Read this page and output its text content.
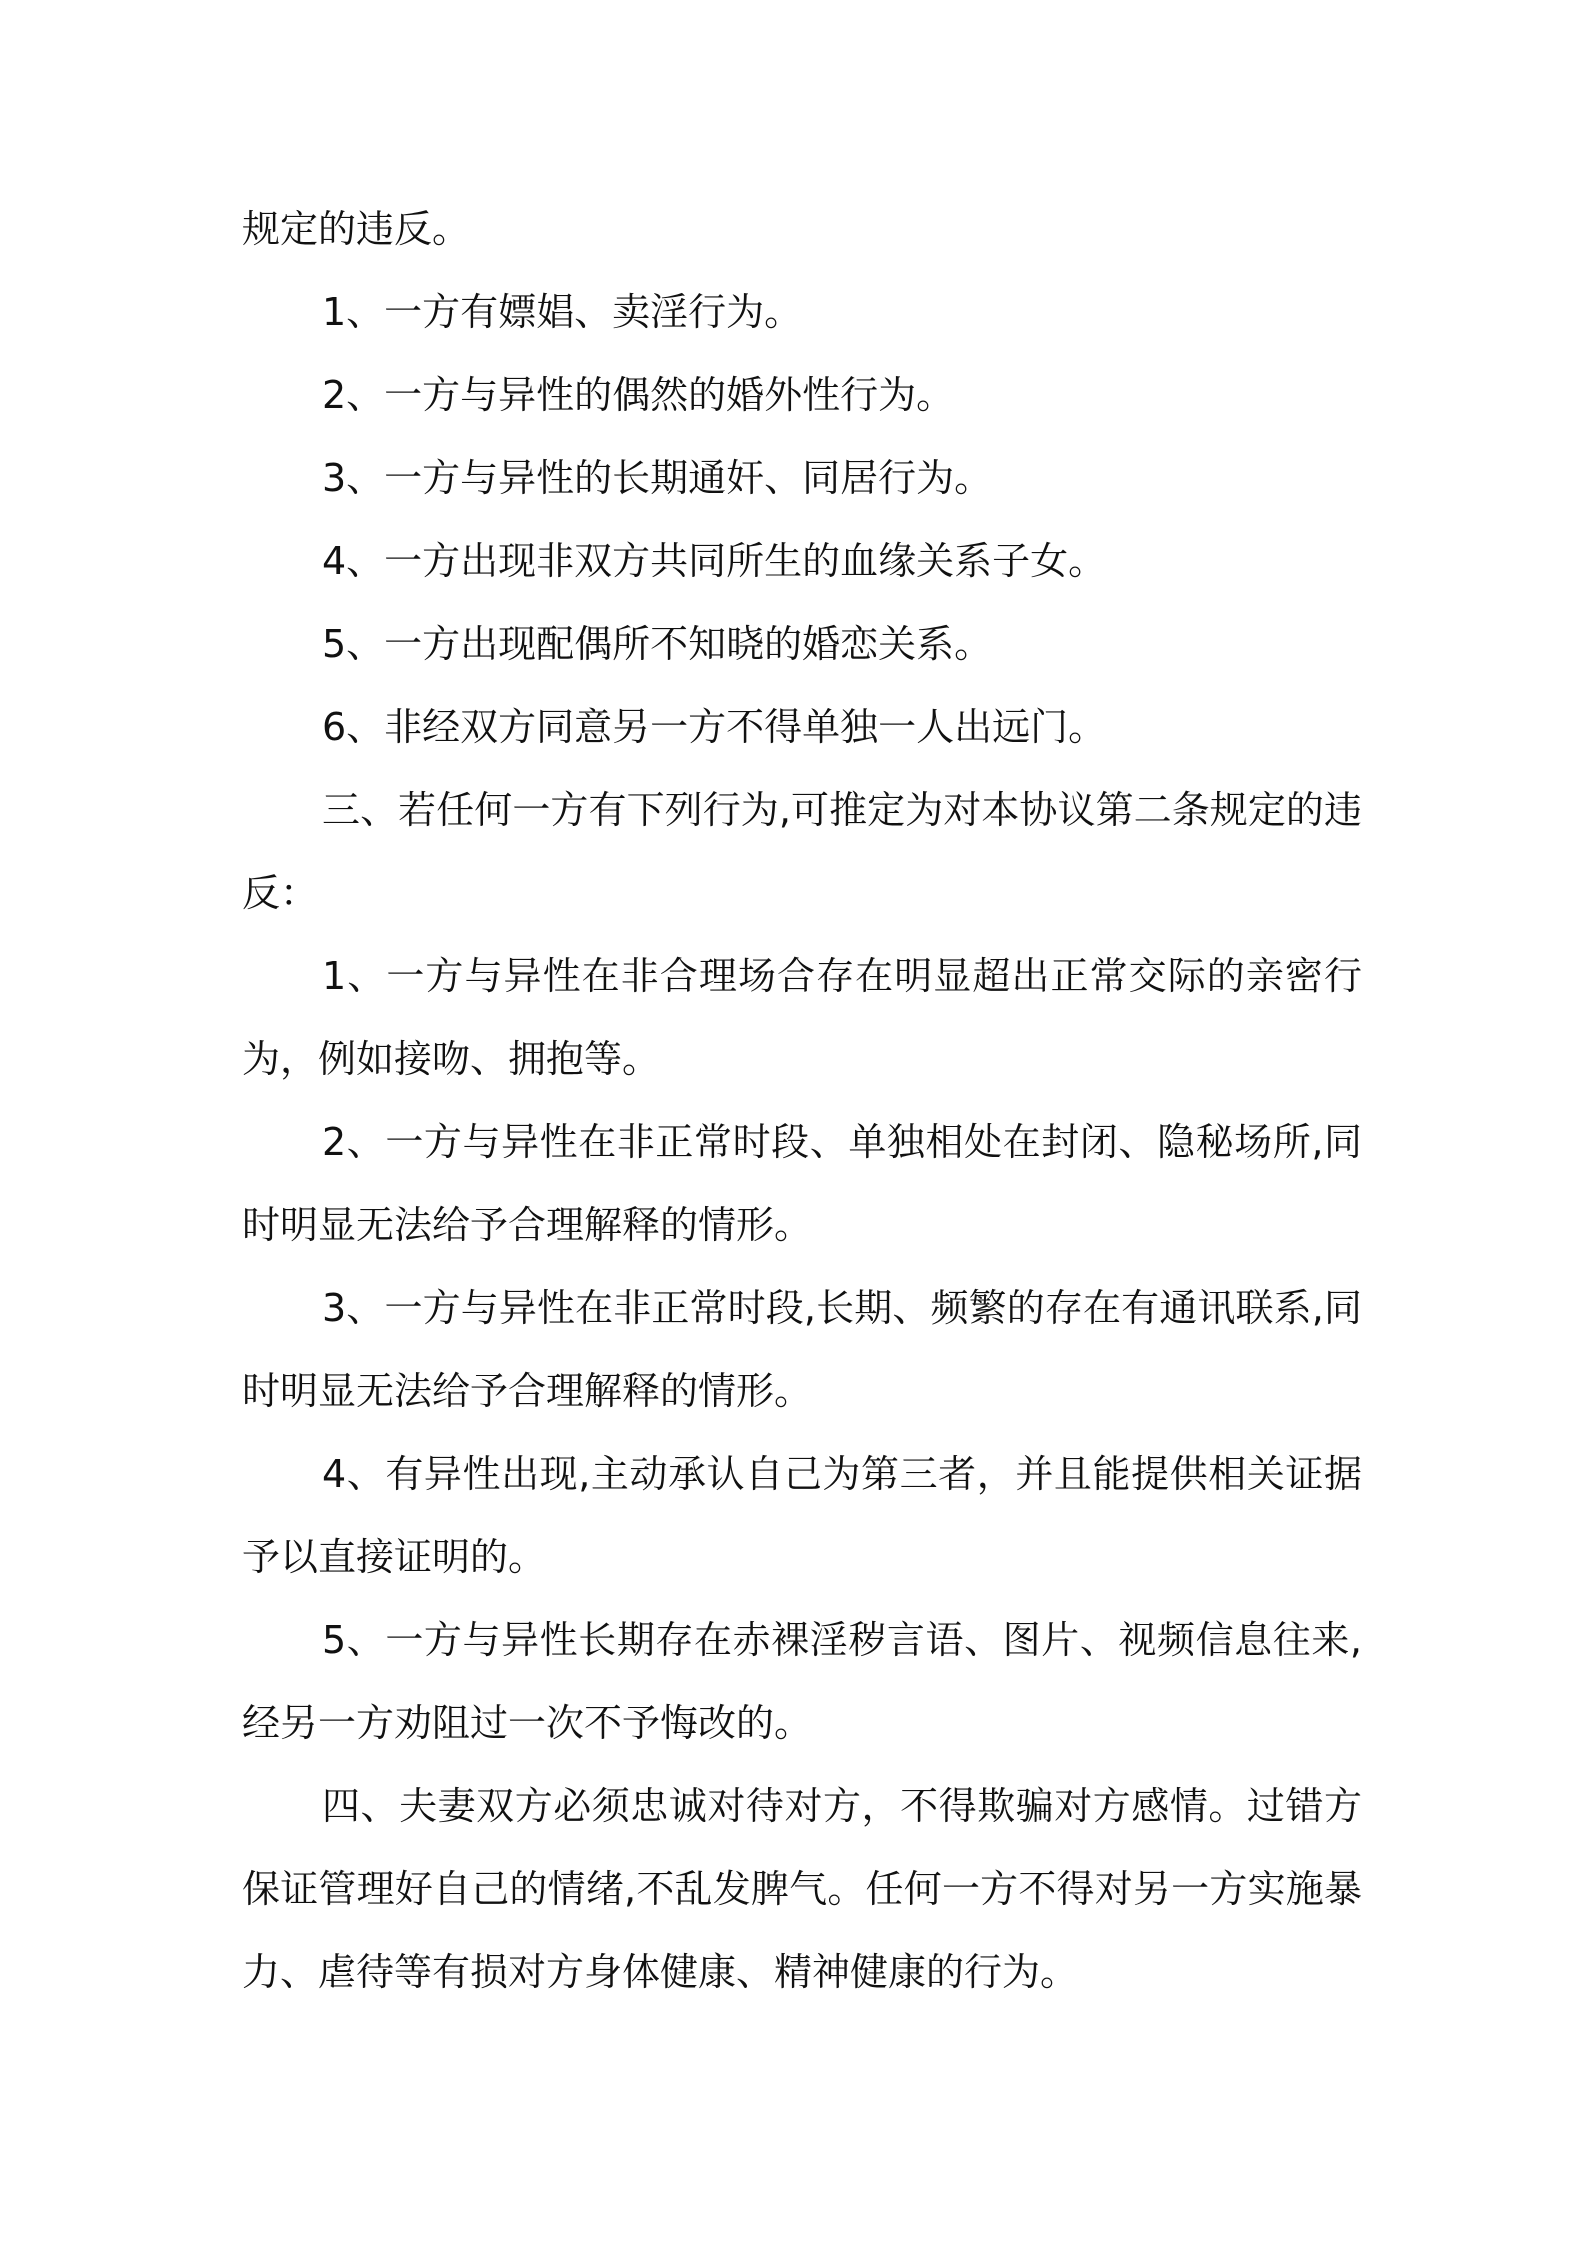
规定的违反。

1、一方有嫖娼、卖淫行为。

2、一方与异性的偶然的婚外性行为。

3、一方与异性的长期通奸、同居行为。

4、一方出现非双方共同所生的血缘关系子女。

5、一方出现配偶所不知晓的婚恋关系。

6、非经双方同意另一方不得单独一人出远门。

三、若任何一方有下列行为,可推定为对本协议第二条规定的违反：

1、一方与异性在非合理场合存在明显超出正常交际的亲密行为，例如接吻、拥抱等。

2、一方与异性在非正常时段、单独相处在封闭、隐秘场所,同时明显无法给予合理解释的情形。

3、一方与异性在非正常时段,长期、频繁的存在有通讯联系,同时明显无法给予合理解释的情形。

4、有异性出现,主动承认自己为第三者，并且能提供相关证据予以直接证明的。

5、一方与异性长期存在赤裸淫秽言语、图片、视频信息往来,经另一方劝阻过一次不予悔改的。

四、夫妻双方必须忠诚对待对方，不得欺骗对方感情。过错方保证管理好自己的情绪,不乱发脾气。任何一方不得对另一方实施暴力、虐待等有损对方身体健康、精神健康的行为。
